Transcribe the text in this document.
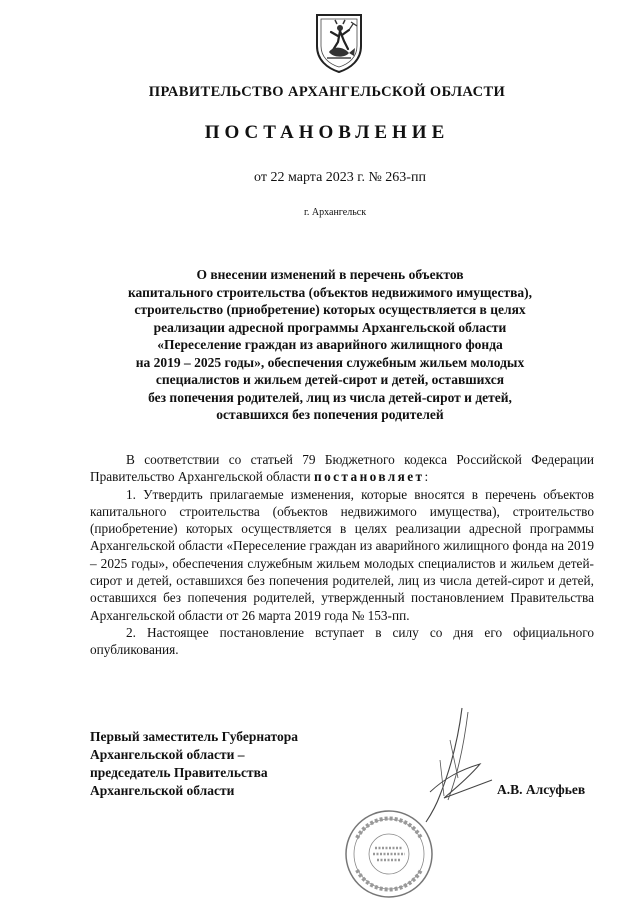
ПРАВИТЕЛЬСТВО АРХАНГЕЛЬСКОЙ ОБЛАСТИ
ПОСТАНОВЛЕНИЕ
от 22 марта 2023 г. № 263-пп
г. Архангельск
О внесении изменений в перечень объектов
капитального строительства (объектов недвижимого имущества),
строительство (приобретение) которых осуществляется в целях
реализации адресной программы Архангельской области
«Переселение граждан из аварийного жилищного фонда
на 2019 – 2025 годы», обеспечения служебным жильем молодых
специалистов и жильем детей-сирот и детей, оставшихся
без попечения родителей, лиц из числа детей-сирот и детей,
оставшихся без попечения родителей

В соответствии со статьей 79 Бюджетного кодекса Российской Федерации Правительство Архангельской области постановляет:

1. Утвердить прилагаемые изменения, которые вносятся в перечень объектов капитального строительства (объектов недвижимого имущества), строительство (приобретение) которых осуществляется в целях реализации адресной программы Архангельской области «Переселение граждан из аварийного жилищного фонда на 2019 – 2025 годы», обеспечения служебным жильем молодых специалистов и жильем детей-сирот и детей, оставшихся без попечения родителей, лиц из числа детей-сирот и детей, оставшихся без попечения родителей, утвержденный постановлением Правительства Архангельской области от 26 марта 2019 года № 153-пп.

2. Настоящее постановление вступает в силу со дня его официального опубликования.

Первый заместитель Губернатора
Архангельской области –
председатель Правительства
Архангельской области	А.В. Алсуфьев
